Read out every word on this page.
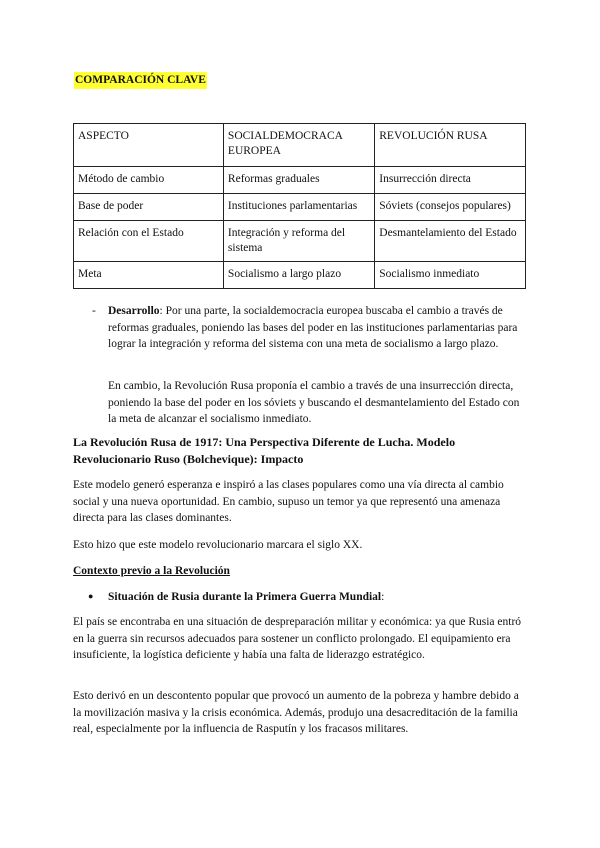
COMPARACIÓN CLAVE
ASPECTO	SOCIALDEMOCRACA EUROPEA	REVOLUCIÓN RUSA
Método de cambio	Reformas graduales	Insurrección directa
Base de poder	Instituciones parlamentarias	Sóviets (consejos populares)
Relación con el Estado	Integración y reforma del sistema	Desmantelamiento del Estado
Meta	Socialismo a largo plazo	Socialismo inmediato
- Desarrollo: Por una parte, la socialdemocracia europea buscaba el cambio a través de reformas graduales, poniendo las bases del poder en las instituciones parlamentarias para lograr la integración y reforma del sistema con una meta de socialismo a largo plazo.
En cambio, la Revolución Rusa proponía el cambio a través de una insurrección directa, poniendo la base del poder en los sóviets y buscando el desmantelamiento del Estado con la meta de alcanzar el socialismo inmediato.
La Revolución Rusa de 1917: Una Perspectiva Diferente de Lucha. Modelo Revolucionario Ruso (Bolchevique): Impacto
Este modelo generó esperanza e inspiró a las clases populares como una vía directa al cambio social y una nueva oportunidad. En cambio, supuso un temor ya que representó una amenaza directa para las clases dominantes.
Esto hizo que este modelo revolucionario marcara el siglo XX.
Contexto previo a la Revolución
● Situación de Rusia durante la Primera Guerra Mundial:
El país se encontraba en una situación de despreparación militar y económica: ya que Rusia entró en la guerra sin recursos adecuados para sostener un conflicto prolongado. El equipamiento era insuficiente, la logística deficiente y había una falta de liderazgo estratégico.
Esto derivó en un descontento popular que provocó un aumento de la pobreza y hambre debido a la movilización masiva y la crisis económica. Además, produjo una desacreditación de la familia real, especialmente por la influencia de Rasputín y los fracasos militares.
